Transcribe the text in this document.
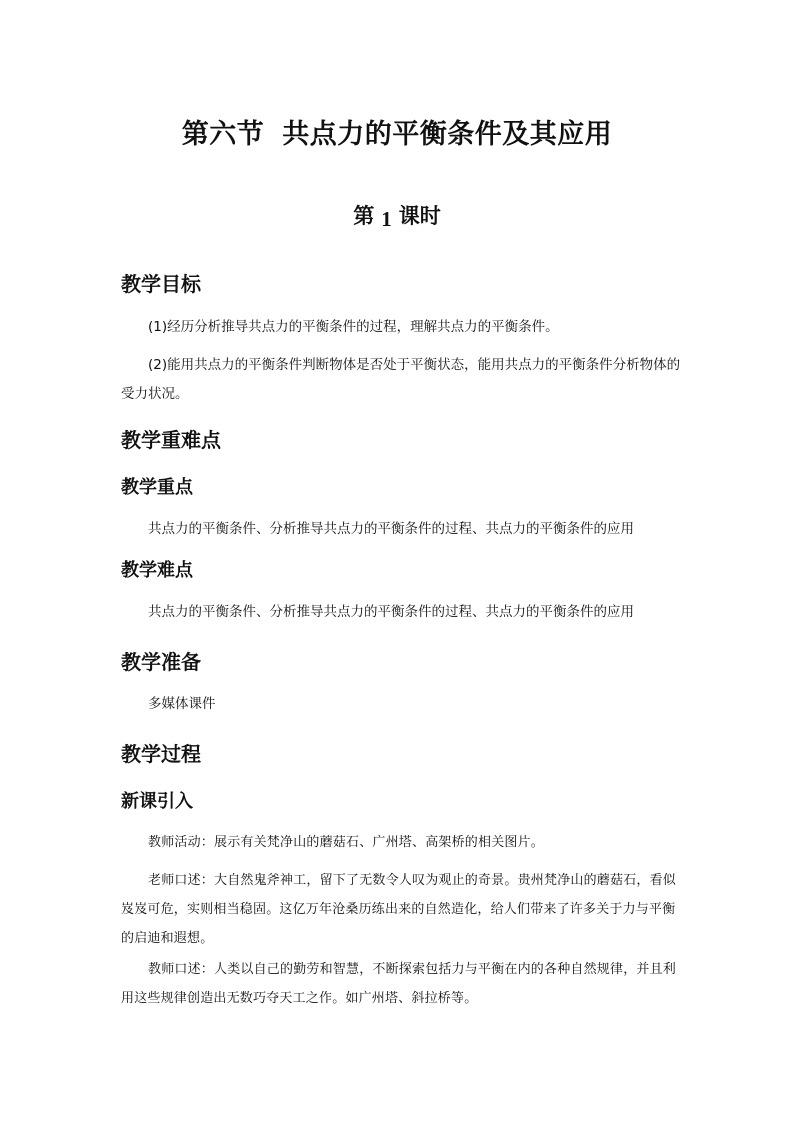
第六节 共点力的平衡条件及其应用
第 1 课时
教学目标

(1)经历分析推导共点力的平衡条件的过程，理解共点力的平衡条件。

(2)能用共点力的平衡条件判断物体是否处于平衡状态，能用共点力的平衡条件分析物体的受力状况。

教学重难点
教学重点

共点力的平衡条件、分析推导共点力的平衡条件的过程、共点力的平衡条件的应用

教学难点

共点力的平衡条件、分析推导共点力的平衡条件的过程、共点力的平衡条件的应用

教学准备

多媒体课件

教学过程
新课引入

教师活动：展示有关梵净山的蘑菇石、广州塔、高架桥的相关图片。

老师口述：大自然鬼斧神工，留下了无数令人叹为观止的奇景。贵州梵净山的蘑菇石，看似岌岌可危，实则相当稳固。这亿万年沧桑历练出来的自然造化，给人们带来了许多关于力与平衡的启迪和遐想。

教师口述：人类以自己的勤劳和智慧，不断探索包括力与平衡在内的各种自然规律，并且利用这些规律创造出无数巧夺天工之作。如广州塔、斜拉桥等。
